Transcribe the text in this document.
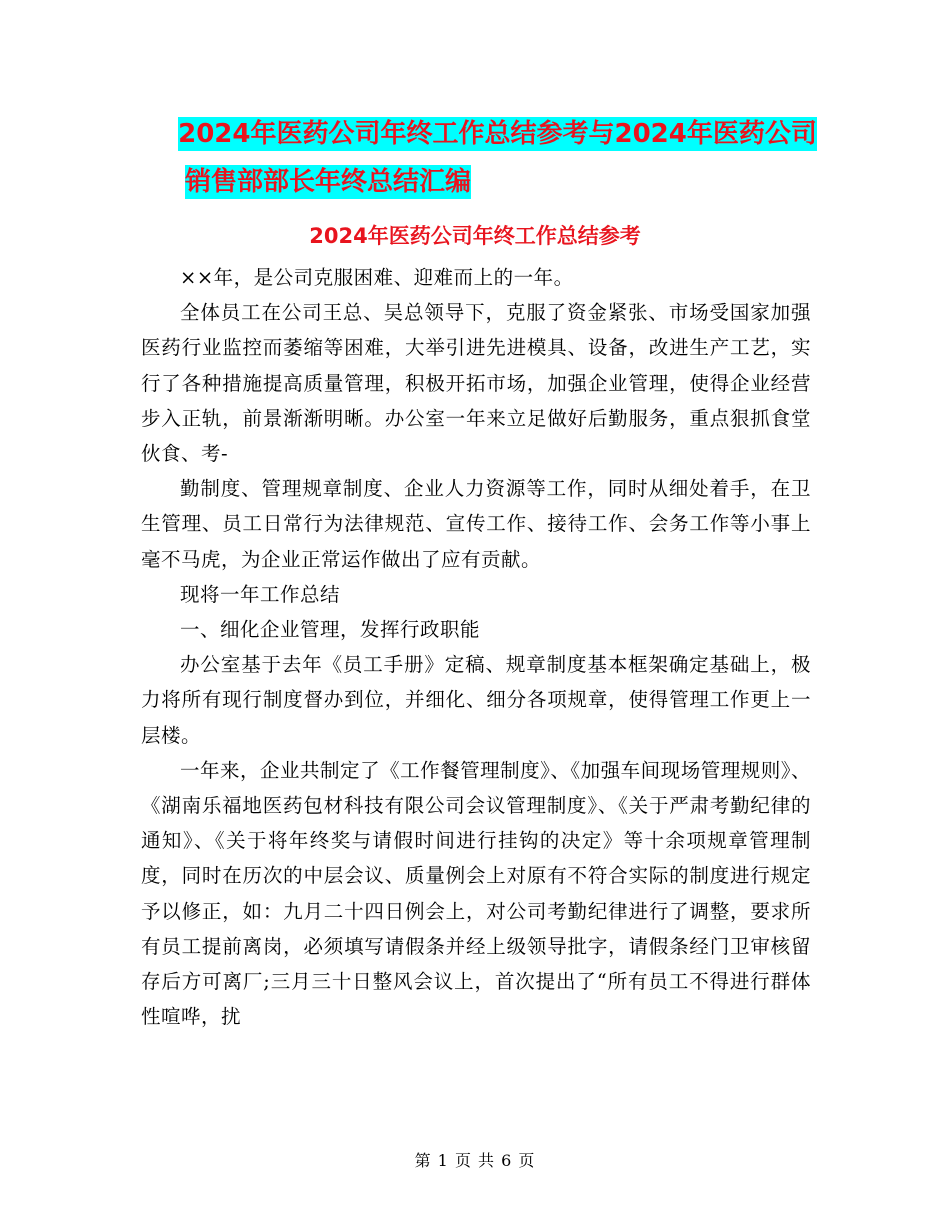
2024年医药公司年终工作总结参考与2024年医药公司
销售部部长年终总结汇编
2024年医药公司年终工作总结参考

××年，是公司克服困难、迎难而上的一年。

全体员工在公司王总、吴总领导下，克服了资金紧张、市场受国家加强医药行业监控而萎缩等困难，大举引进先进模具、设备，改进生产工艺，实行了各种措施提高质量管理，积极开拓市场，加强企业管理，使得企业经营步入正轨，前景渐渐明晰。办公室一年来立足做好后勤服务，重点狠抓食堂伙食、考-

勤制度、管理规章制度、企业人力资源等工作，同时从细处着手，在卫生管理、员工日常行为法律规范、宣传工作、接待工作、会务工作等小事上毫不马虎，为企业正常运作做出了应有贡献。

现将一年工作总结

一、细化企业管理，发挥行政职能

办公室基于去年《员工手册》定稿、规章制度基本框架确定基础上，极力将所有现行制度督办到位，并细化、细分各项规章，使得管理工作更上一层楼。

一年来，企业共制定了《工作餐管理制度》、《加强车间现场管理规则》、《湖南乐福地医药包材科技有限公司会议管理制度》、《关于严肃考勤纪律的通知》、《关于将年终奖与请假时间进行挂钩的决定》等十余项规章管理制度，同时在历次的中层会议、质量例会上对原有不符合实际的制度进行规定予以修正，如：九月二十四日例会上，对公司考勤纪律进行了调整，要求所有员工提前离岗，必须填写请假条并经上级领导批字，请假条经门卫审核留存后方可离厂;三月三十日整风会议上，首次提出了“所有员工不得进行群体性喧哗，扰

第 1 页 共 6 页
